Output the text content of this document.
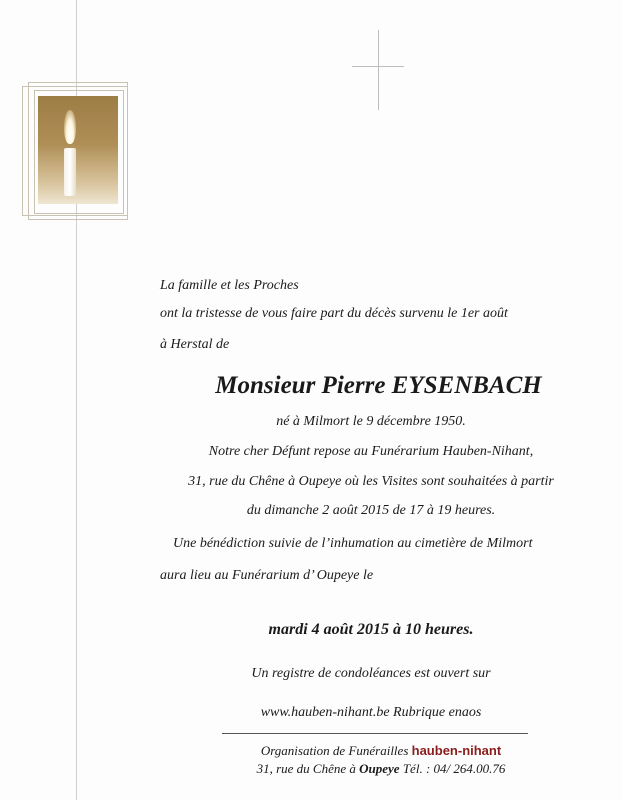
La famille et les Proches
ont la tristesse de vous faire part du décès survenu le 1er août
à Herstal de
Monsieur Pierre EYSENBACH
né à Milmort le 9 décembre 1950.
Notre cher Défunt repose au Funérarium Hauben-Nihant,
31, rue du Chêne à Oupeye où les Visites sont souhaitées à partir
du dimanche 2 août 2015 de 17 à 19 heures.
Une bénédiction suivie de l’inhumation au cimetière de Milmort
aura lieu au Funérarium d’ Oupeye le
mardi 4 août 2015 à 10 heures.
Un registre de condoléances est ouvert sur
www.hauben-nihant.be Rubrique enaos
Organisation de Funérailles hauben-nihant
31, rue du Chêne à Oupeye Tél. : 04/ 264.00.76
